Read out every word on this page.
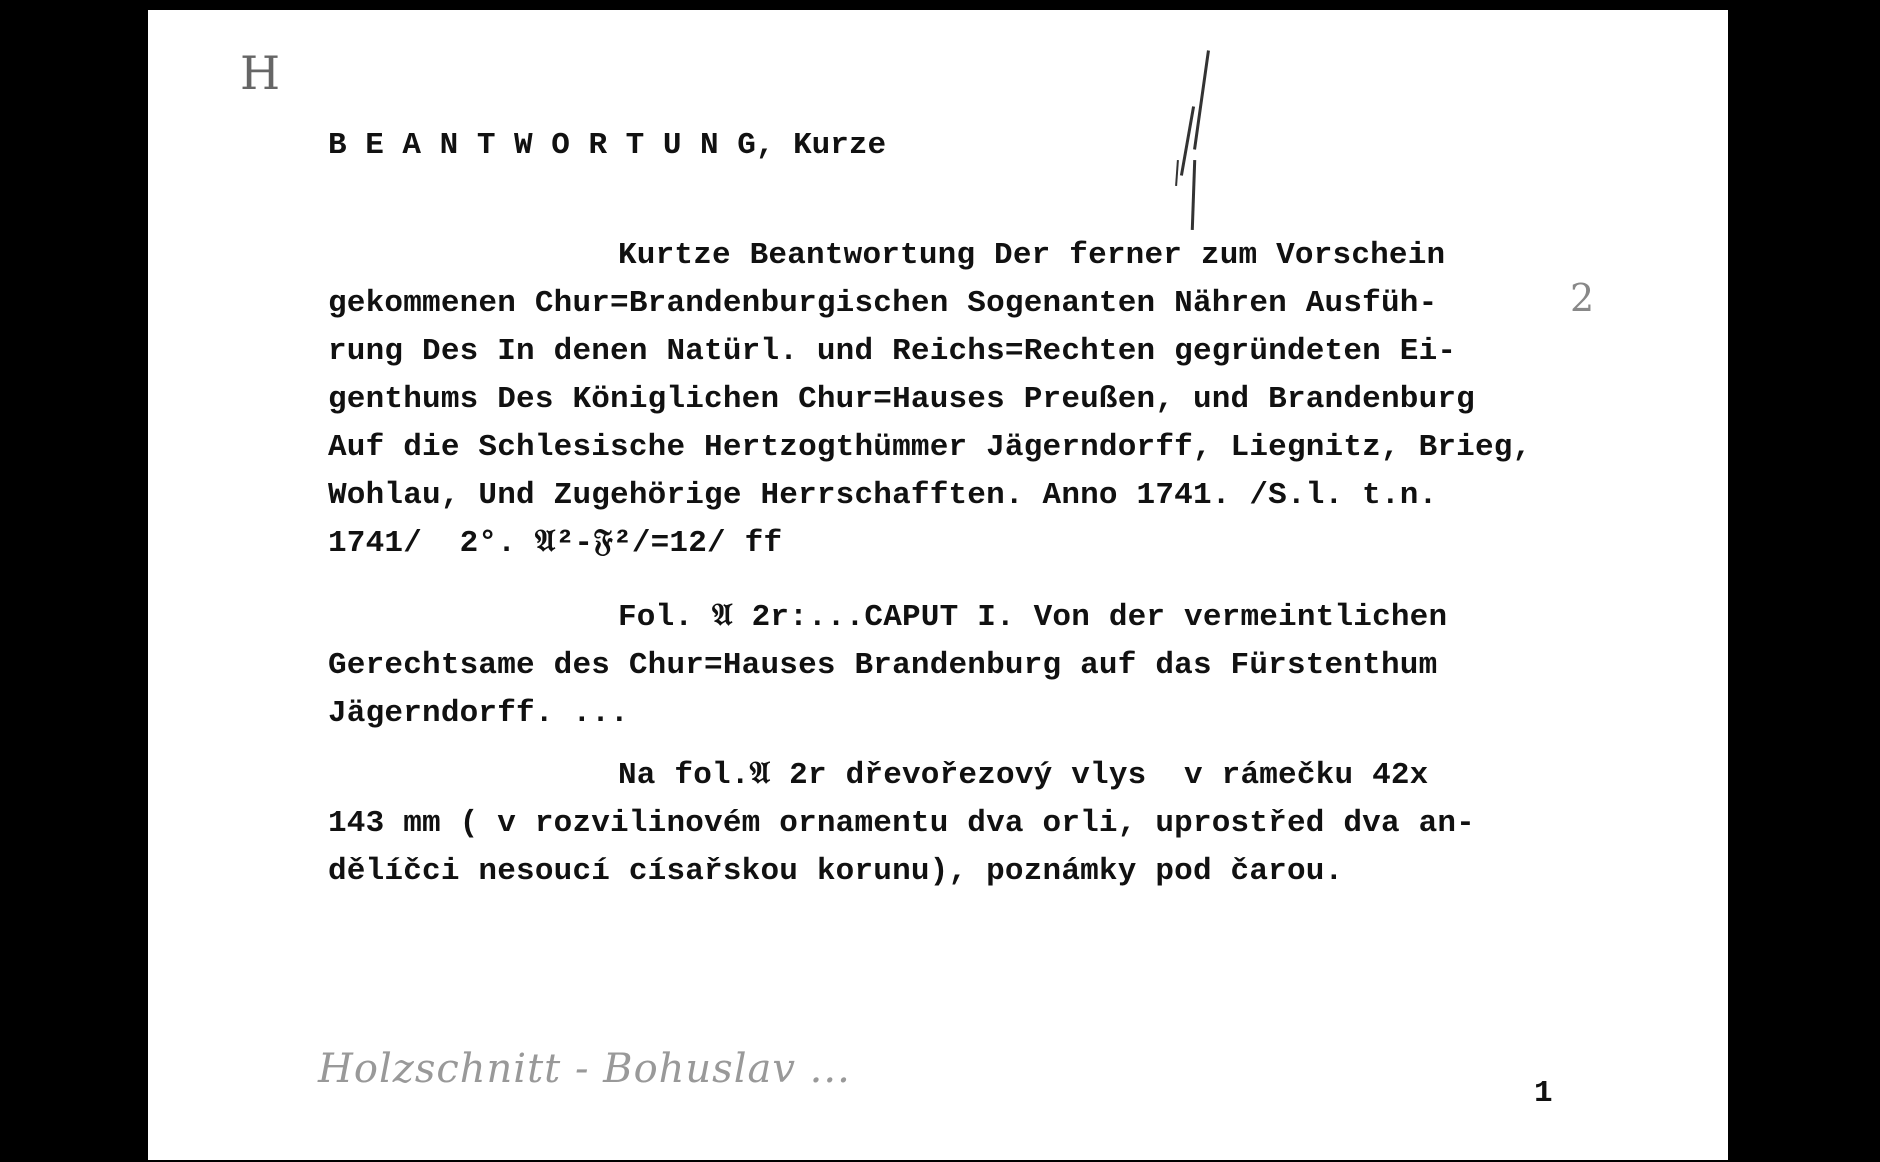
H
B E A N T W O R T U N G, Kurze
Kurtze Beantwortung Der ferner zum Vorschein
gekommenen Chur=Brandenburgischen Sogenanten Nähren Ausfüh-
rung Des In denen Natürl. und Reichs=Rechten gegründeten Ei-
genthums Des Königlichen Chur=Hauses Preußen, und Brandenburg
Auf die Schlesische Hertzogthümmer Jägerndorff, Liegnitz, Brieg,
Wohlau, Und Zugehörige Herrschafften. Anno 1741. /S.l. t.n.
1741/  2°. 𝔄²-𝔉²/=12/ ff
Fol. 𝔄 2r:...CAPUT I. Von der vermeintlichen
Gerechtsame des Chur=Hauses Brandenburg auf das Fürstenthum
Jägerndorff. ...
Na fol.𝔄 2r dřevořezový vlys  v rámečku 42x
143 mm ( v rozvilinovém ornamentu dva orli, uprostřed dva an-
dělíčci nesoucí císařskou korunu), poznámky pod čarou.
2
Holzschnitt - Bohuslav ...
1
